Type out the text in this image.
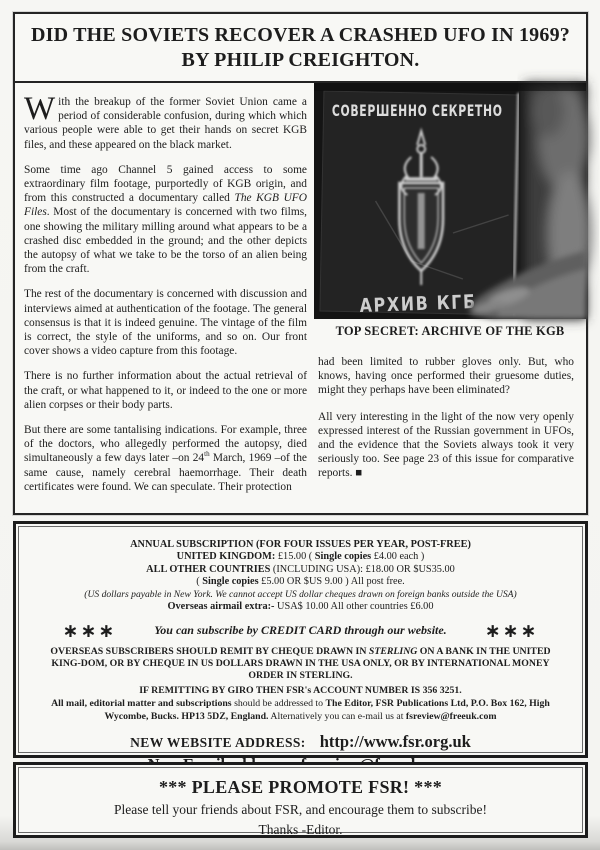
DID THE SOVIETS RECOVER A CRASHED UFO IN 1969?
BY PHILIP CREIGHTON.

With the breakup of the former Soviet Union came a period of considerable confusion, during which which various people were able to get their hands on secret KGB files, and these appeared on the black market.

Some time ago Channel 5 gained access to some extraordinary film footage, purportedly of KGB origin, and from this constructed a documentary called The KGB UFO Files. Most of the documentary is concerned with two films, one showing the military milling around what appears to be a crashed disc embedded in the ground; and the other depicts the autopsy of what we take to be the torso of an alien being from the craft.

The rest of the documentary is concerned with discussion and interviews aimed at authentication of the footage. The general consensus is that it is indeed genuine. The vintage of the film is correct, the style of the uniforms, and so on. Our front cover shows a video capture from this footage.

There is no further information about the actual retrieval of the craft, or what happened to it, or indeed to the one or more alien corpses or their body parts.

But there are some tantalising indications. For example, three of the doctors, who allegedly performed the autopsy, died simultaneously a few days later –on 24th March, 1969 –of the same cause, namely cerebral haemorrhage. Their death certificates were found. We can speculate. Their protection

СОВЕРШЕННО СЕКРЕТНО
АРХИВ КГБ
TOP SECRET: ARCHIVE OF THE KGB

had been limited to rubber gloves only. But, who knows, having once performed their gruesome duties, might they perhaps have been eliminated?

All very interesting in the light of the now very openly expressed interest of the Russian government in UFOs, and the evidence that the Soviets always took it very seriously too. See page 23 of this issue for comparative reports. ■

ANNUAL SUBSCRIPTION (FOR FOUR ISSUES PER YEAR, POST-FREE)
UNITED KINGDOM: £15.00 ( Single copies £4.00 each )
ALL OTHER COUNTRIES (INCLUDING USA): £18.00 OR $US35.00
( Single copies £5.00 OR $US 9.00 ) All post free.
(US dollars payable in New York. We cannot accept US dollar cheques drawn on foreign banks outside the USA)
Overseas airmail extra:- USA$ 10.00 All other countries £6.00
∗∗∗	You can subscribe by CREDIT CARD through our website. ∗∗∗
OVERSEAS SUBSCRIBERS SHOULD REMIT BY CHEQUE DRAWN IN STERLING ON A BANK IN THE UNITED KING-DOM, OR BY CHEQUE IN US DOLLARS DRAWN IN THE USA ONLY, OR BY INTERNATIONAL MONEY ORDER IN STERLING.
IF REMITTING BY GIRO THEN FSR's ACCOUNT NUMBER IS 356 3251.
All mail, editorial matter and subscriptions should be addressed to The Editor, FSR Publications Ltd, P.O. Box 162, High Wycombe, Bucks. HP13 5DZ, England. Alternatively you can e-mail us at fsreview@freeuk.com
NEW WEBSITE ADDRESS: http://www.fsr.org.uk
*** PLEASE PROMOTE FSR! ***
Please tell your friends about FSR, and encourage them to subscribe!
Thanks -Editor.
